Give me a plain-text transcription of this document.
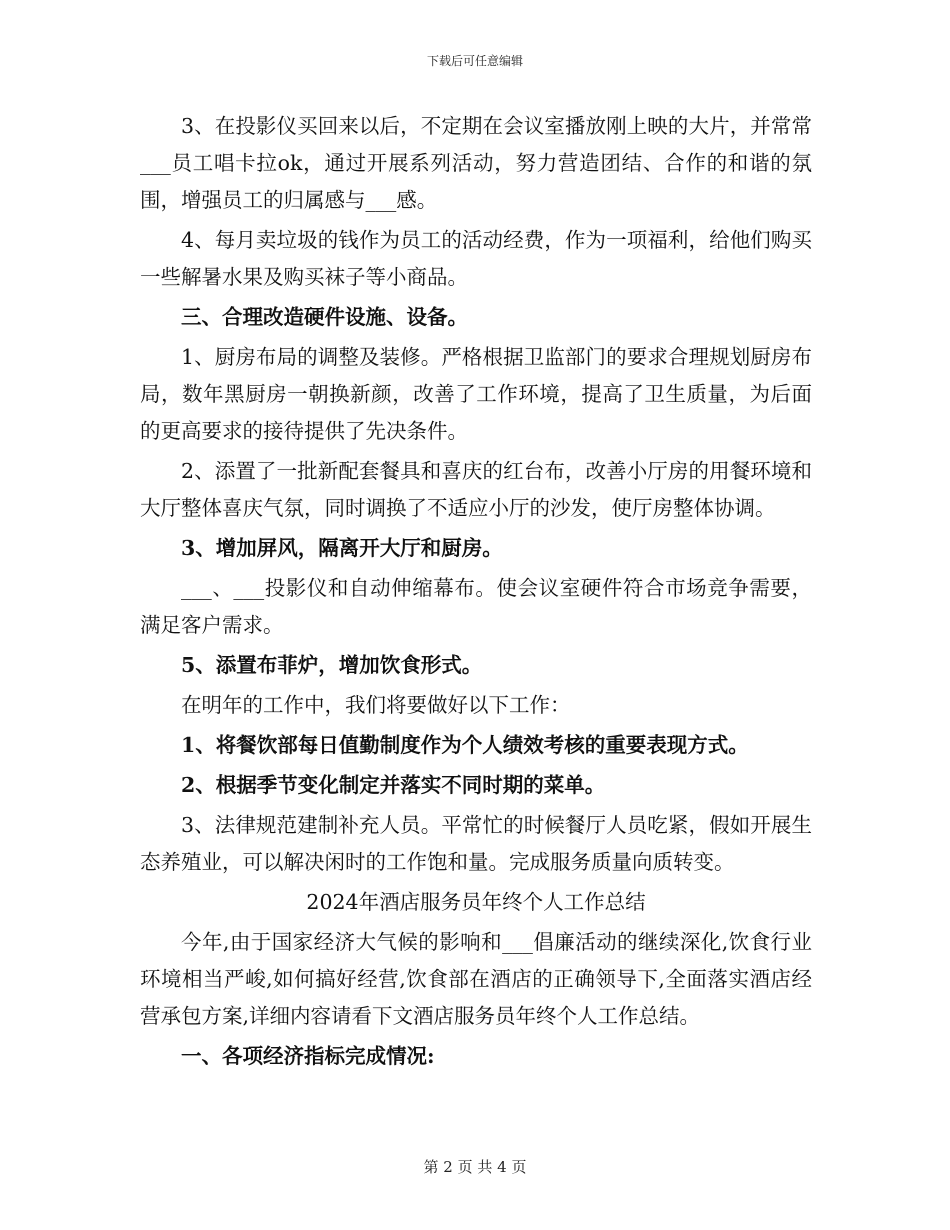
下载后可任意编辑

3、在投影仪买回来以后，不定期在会议室播放刚上映的大片，并常常___员工唱卡拉ok，通过开展系列活动，努力营造团结、合作的和谐的氛围，增强员工的归属感与___感。

4、每月卖垃圾的钱作为员工的活动经费，作为一项福利，给他们购买一些解暑水果及购买袜子等小商品。

三、合理改造硬件设施、设备。

1、厨房布局的调整及装修。严格根据卫监部门的要求合理规划厨房布局，数年黑厨房一朝换新颜，改善了工作环境，提高了卫生质量，为后面的更高要求的接待提供了先决条件。

2、添置了一批新配套餐具和喜庆的红台布，改善小厅房的用餐环境和大厅整体喜庆气氛，同时调换了不适应小厅的沙发，使厅房整体协调。

3、增加屏风，隔离开大厅和厨房。

___、___投影仪和自动伸缩幕布。使会议室硬件符合市场竞争需要，满足客户需求。

5、添置布菲炉，增加饮食形式。

在明年的工作中，我们将要做好以下工作：

1、将餐饮部每日值勤制度作为个人绩效考核的重要表现方式。

2、根据季节变化制定并落实不同时期的菜单。

3、法律规范建制补充人员。平常忙的时候餐厅人员吃紧，假如开展生态养殖业，可以解决闲时的工作饱和量。完成服务质量向质转变。

2024年酒店服务员年终个人工作总结

今年,由于国家经济大气候的影响和___倡廉活动的继续深化,饮食行业环境相当严峻,如何搞好经营,饮食部在酒店的正确领导下,全面落实酒店经营承包方案,详细内容请看下文酒店服务员年终个人工作总结。

一、各项经济指标完成情况:

第 2 页 共 4 页
